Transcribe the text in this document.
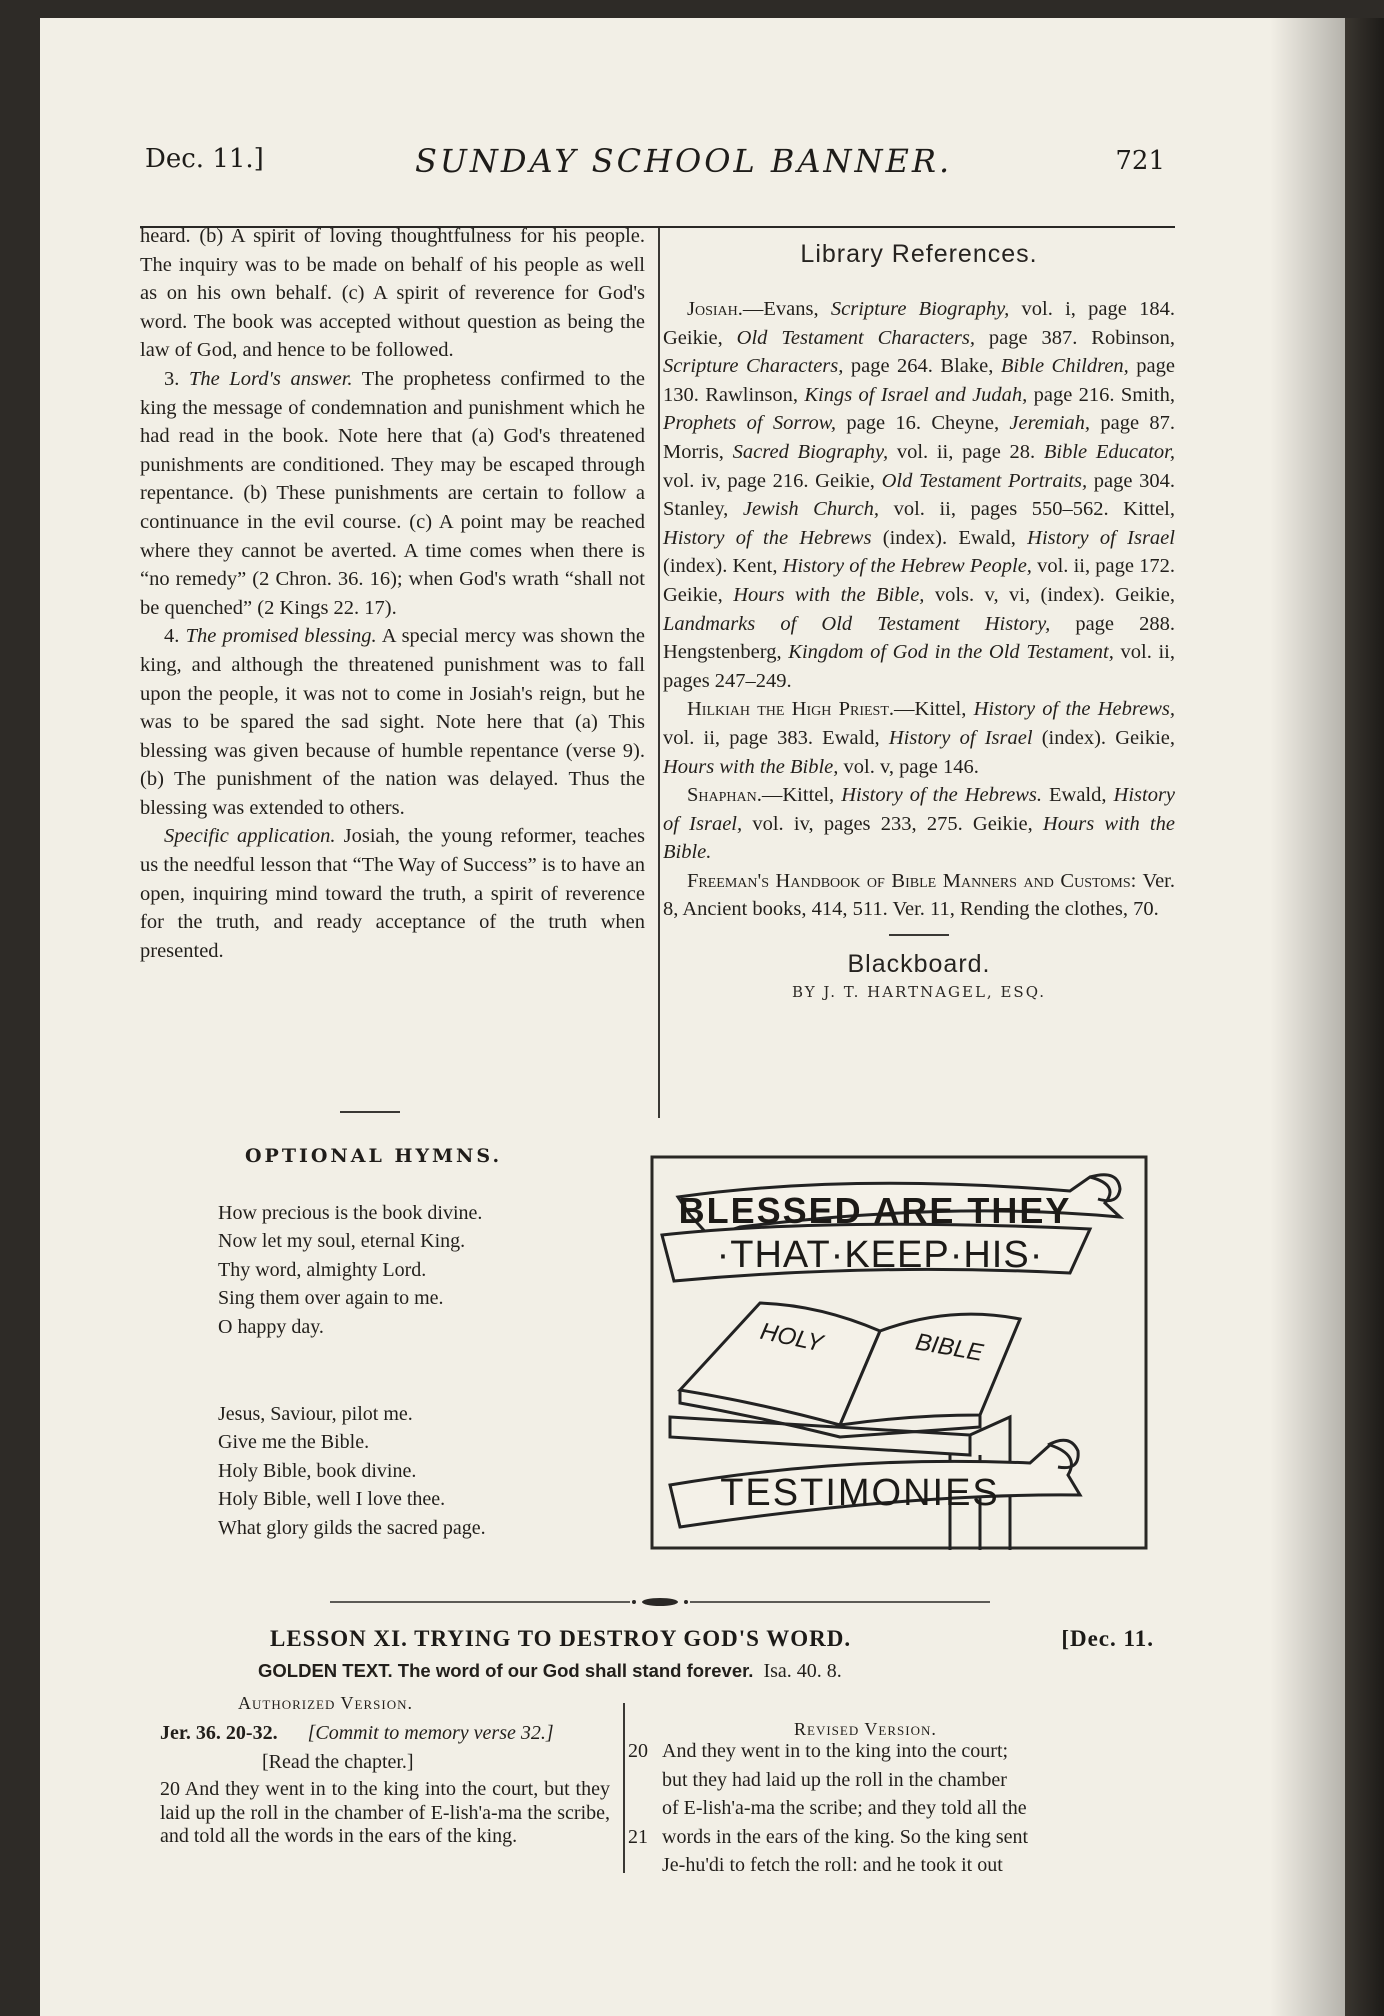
Dec. 11.]	SUNDAY SCHOOL BANNER.	721

heard. (b) A spirit of loving thoughtfulness for his people. The inquiry was to be made on behalf of his people as well as on his own behalf. (c) A spirit of reverence for God's word. The book was accepted without question as being the law of God, and hence to be followed.

3. The Lord's answer. The prophetess confirmed to the king the message of condemnation and punishment which he had read in the book. Note here that (a) God's threatened punishments are conditioned. They may be escaped through repentance. (b) These punishments are certain to follow a continuance in the evil course. (c) A point may be reached where they cannot be averted. A time comes when there is “no remedy” (2 Chron. 36. 16); when God's wrath “shall not be quenched” (2 Kings 22. 17).

4. The promised blessing. A special mercy was shown the king, and although the threatened punishment was to fall upon the people, it was not to come in Josiah's reign, but he was to be spared the sad sight. Note here that (a) This blessing was given because of humble repentance (verse 9). (b) The punishment of the nation was delayed. Thus the blessing was extended to others.

Specific application. Josiah, the young reformer, teaches us the needful lesson that “The Way of Success” is to have an open, inquiring mind toward the truth, a spirit of reverence for the truth, and ready acceptance of the truth when presented.

OPTIONAL HYMNS.
How precious is the book divine.
Now let my soul, eternal King.
Thy word, almighty Lord.
Sing them over again to me.
O happy day.
Jesus, Saviour, pilot me.
Give me the Bible.
Holy Bible, book divine.
Holy Bible, well I love thee.
What glory gilds the sacred page.
Library References.

Josiah.—Evans, Scripture Biography, vol. i, page 184. Geikie, Old Testament Characters, page 387. Robinson, Scripture Characters, page 264. Blake, Bible Children, page 130. Rawlinson, Kings of Israel and Judah, page 216. Smith, Prophets of Sorrow, page 16. Cheyne, Jeremiah, page 87. Morris, Sacred Biography, vol. ii, page 28. Bible Educator, vol. iv, page 216. Geikie, Old Testament Portraits, page 304. Stanley, Jewish Church, vol. ii, pages 550–562. Kittel, History of the Hebrews (index). Ewald, History of Israel (index). Kent, History of the Hebrew People, vol. ii, page 172. Geikie, Hours with the Bible, vols. v, vi, (index). Geikie, Landmarks of Old Testament History, page 288. Hengstenberg, Kingdom of God in the Old Testament, vol. ii, pages 247–249.

Hilkiah the High Priest.—Kittel, History of the Hebrews, vol. ii, page 383. Ewald, History of Israel (index). Geikie, Hours with the Bible, vol. v, page 146.

Shaphan.—Kittel, History of the Hebrews. Ewald, History of Israel, vol. iv, pages 233, 275. Geikie, Hours with the Bible.

Freeman's Handbook of Bible Manners and Customs: Ver. 8, Ancient books, 414, 511. Ver. 11, Rending the clothes, 70.

Blackboard.
BY J. T. HARTNAGEL, ESQ.
BLESSED ARE THEY
·THAT·KEEP·HIS·
HOLY	BIBLE
TESTIMONIES
LESSON XI. TRYING TO DESTROY GOD'S WORD.	[Dec. 11.
GOLDEN TEXT. The word of our God shall stand forever. Isa. 40. 8.
Authorized Version.
Revised Version.
Jer. 36. 20-32. [Commit to memory verse 32.]
[Read the chapter.]
20 And they went in to the king into the court, but they laid up the roll in the chamber of E-lish'a-ma the scribe, and told all the words in the ears of the king.
20 And they went in to the king into the court;
but they had laid up the roll in the chamber
of E-lish'a-ma the scribe; and they told all the
21 words in the ears of the king. So the king sent
Je-hu'di to fetch the roll: and he took it out
